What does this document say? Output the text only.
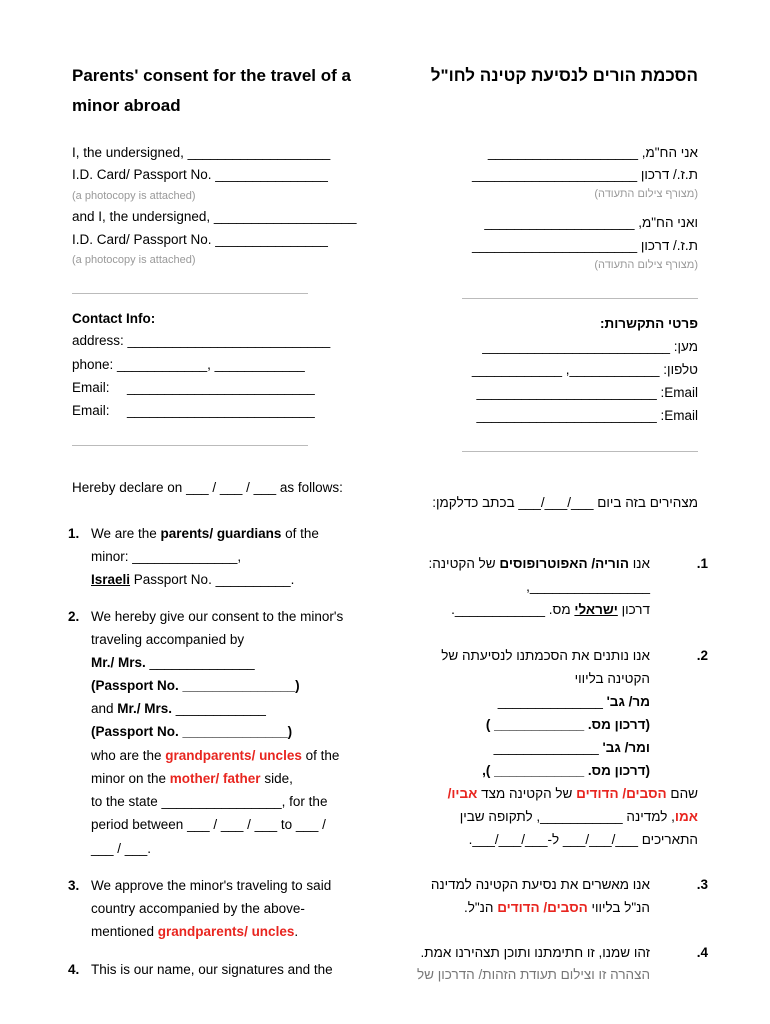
Parents' consent for the travel of a
minor abroad
I, the undersigned, ___________________
I.D. Card/ Passport No. _______________
(a photocopy is attached)
and I, the undersigned, ___________________
I.D. Card/ Passport No. _______________
(a photocopy is attached)
Contact Info:
address: ___________________________
phone: ____________, ____________
Email: _________________________
Email: _________________________
Hereby declare on ___ / ___ / ___ as follows:
1. We are the parents/ guardians of the
minor: ______________,
Israeli Passport No. __________.
2. We hereby give our consent to the minor's
traveling accompanied by
Mr./ Mrs. ______________
(Passport No. _______________)
and Mr./ Mrs. ____________
(Passport No. ______________)
who are the grandparents/ uncles of the
minor on the mother/ father side,
to the state ________________, for the
period between ___ / ___ / ___ to ___ /
___ / ___.
3. We approve the minor's traveling to said
country accompanied by the above-
mentioned grandparents/ uncles.
4. This is our name, our signatures and the
הסכמת הורים לנסיעת קטינה לחו"ל
אני הח"מ, ____________________
ת.ז./ דרכון ______________________
(מצורף צילום התעודה)
ואני הח"מ, ____________________
ת.ז./ דרכון ______________________
(מצורף צילום התעודה)
פרטי התקשרות:
מען: _________________________
טלפון: ____________, ____________
Email: ________________________
Email: ________________________
מצהירים בזה ביום ___/___/___ בכתב כדלקמן:
1.
אנו הוריה/ האפוטרופוסים של הקטינה:
________________,
דרכון ישראלי מס. ____________.
2.
אנו נותנים את הסכמתנו לנסיעתה של
הקטינה בליווי
מר/ גב' ______________
(דרכון מס. ____________ )
ומר/ גב' ______________
(דרכון מס. ____________ ),
שהם הסבים/ הדודים של הקטינה מצד אביו/
אמו, למדינה ___________, לתקופה שבין
התאריכים ___/___/___ ל-___/___/___.
3.
אנו מאשרים את נסיעת הקטינה למדינה
הנ"ל בליווי הסבים/ הדודים הנ"ל.
4.
זהו שמנו, זו חתימתנו ותוכן תצהירנו אמת.
הצהרה זו וצילום תעודת הזהות/ הדרכון של
